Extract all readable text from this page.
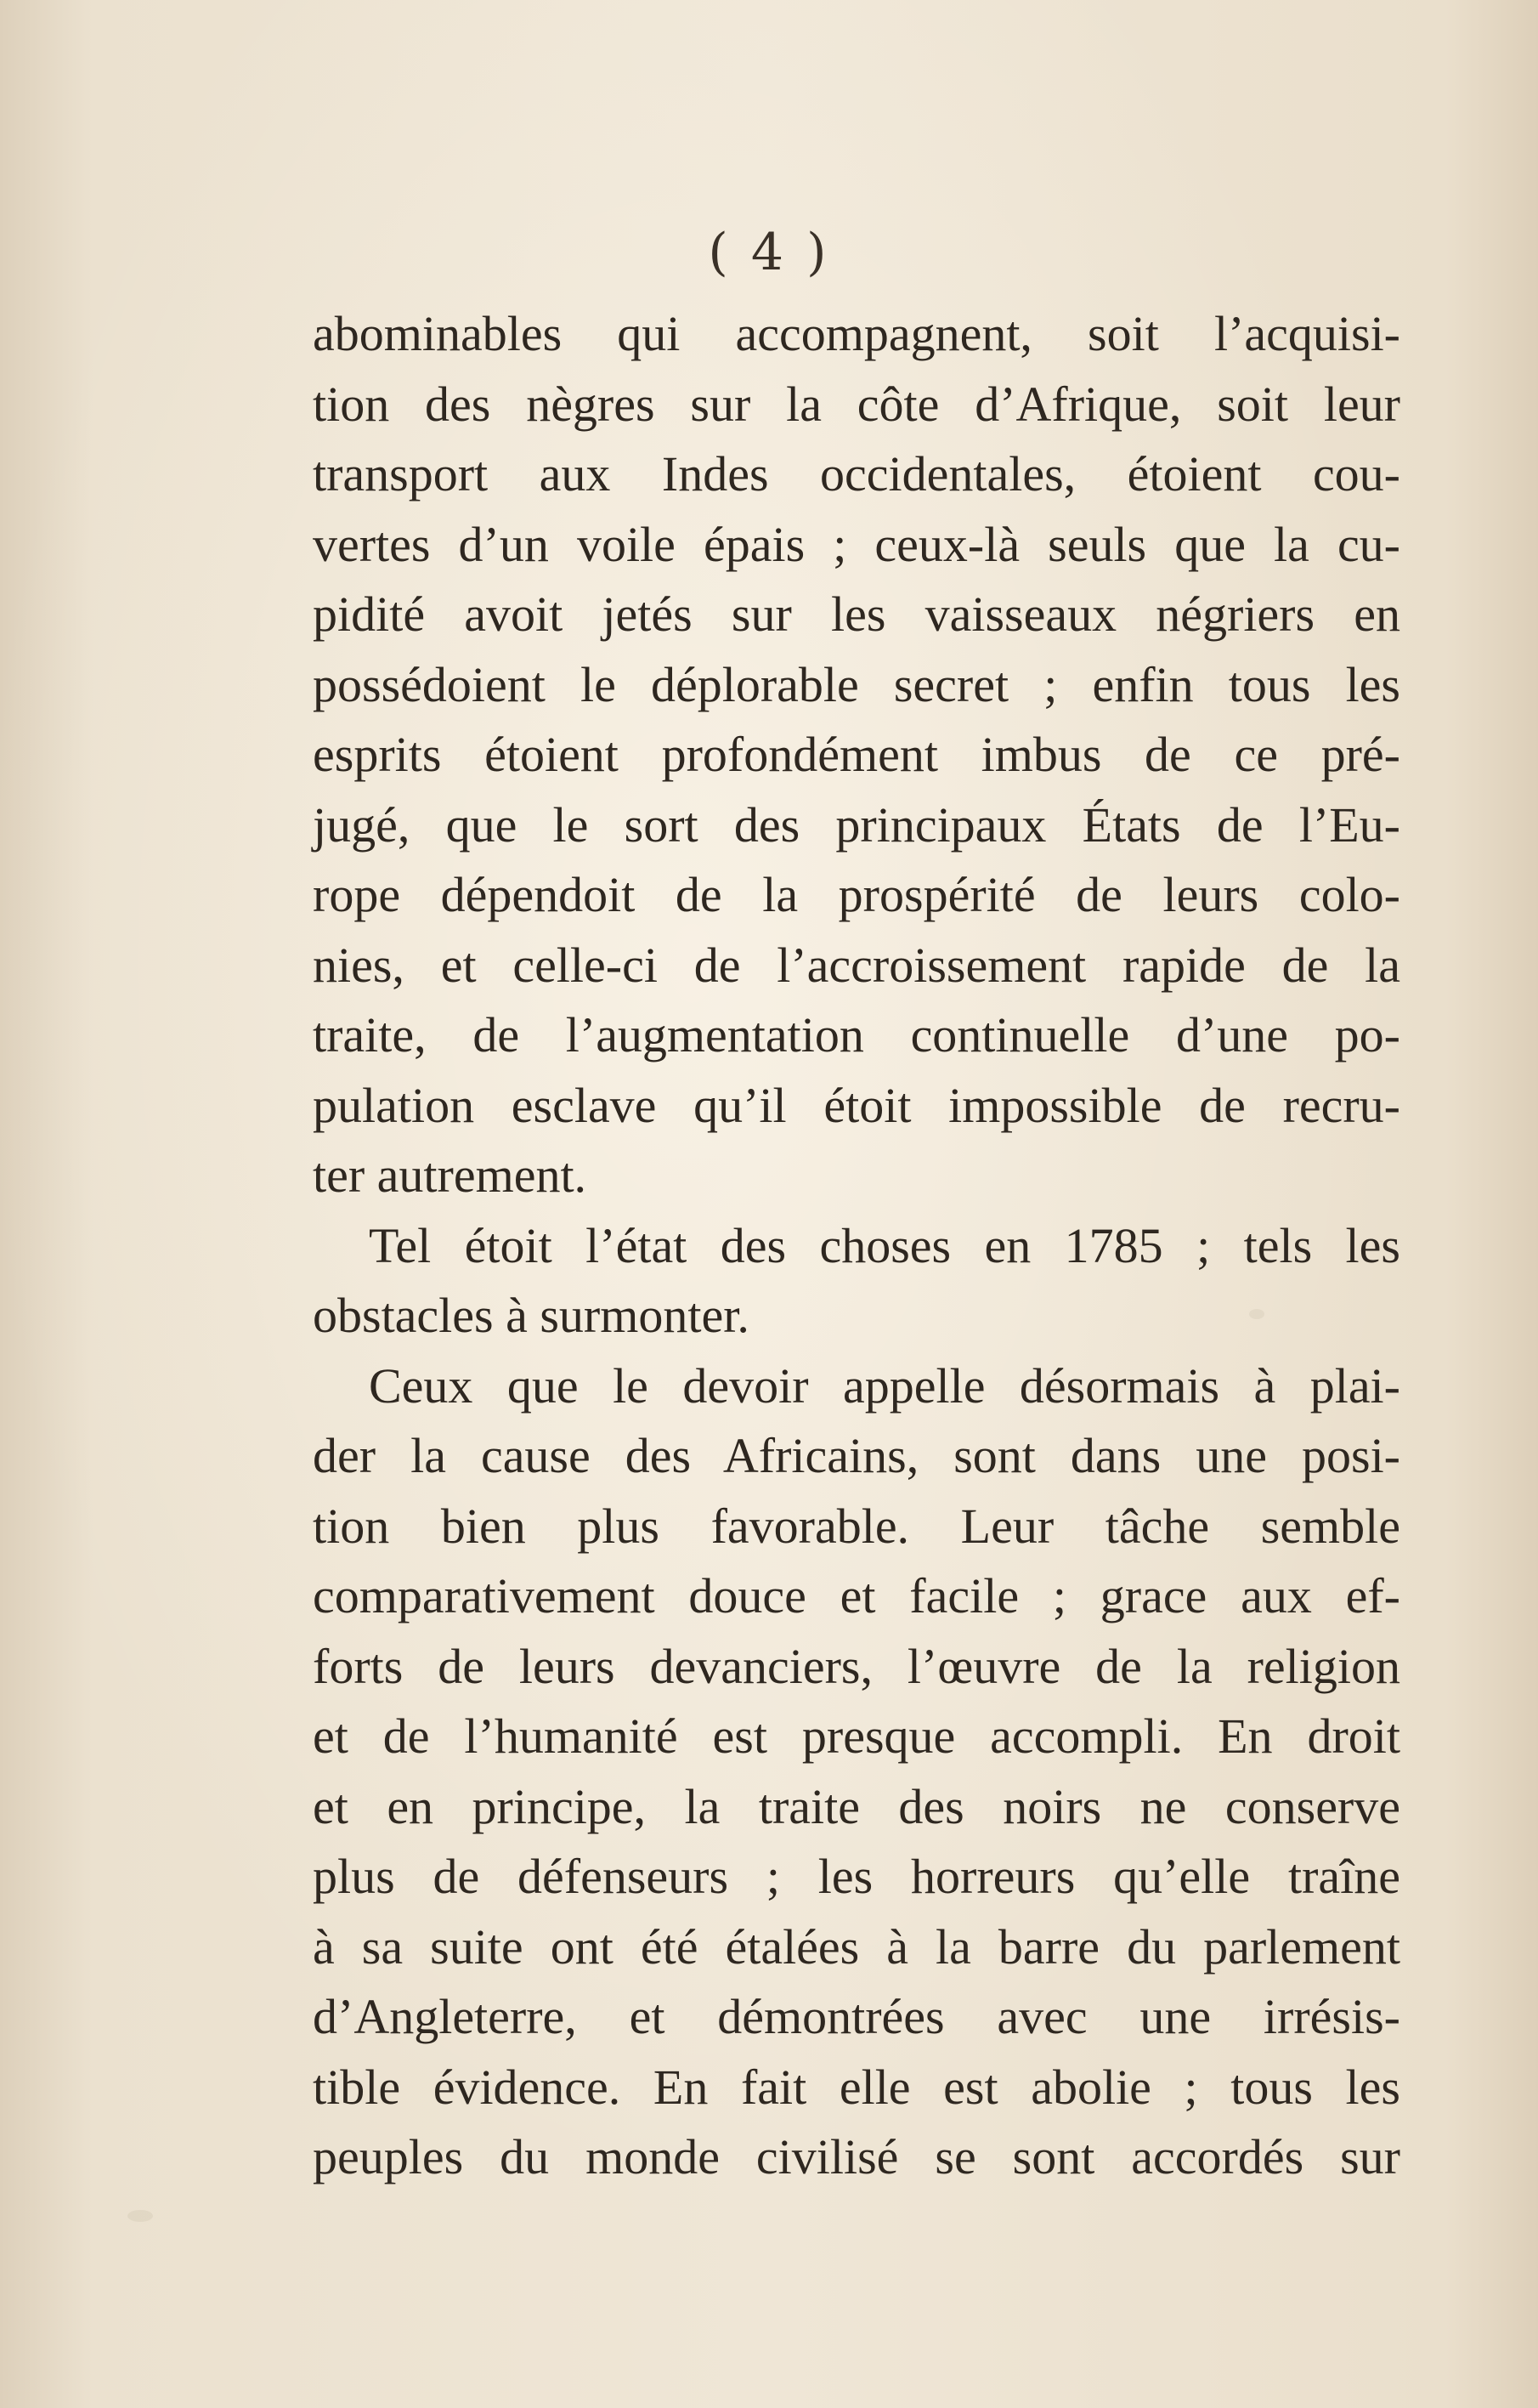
( 4 )
abominables qui accompagnent, soit l’acquisi-
tion des nègres sur la côte d’Afrique, soit leur
transport aux Indes occidentales, étoient cou-
vertes d’un voile épais ; ceux-là seuls que la cu-
pidité avoit jetés sur les vaisseaux négriers en
possédoient le déplorable secret ; enfin tous les
esprits étoient profondément imbus de ce pré-
jugé, que le sort des principaux États de l’Eu-
rope dépendoit de la prospérité de leurs colo-
nies, et celle-ci de l’accroissement rapide de la
traite, de l’augmentation continuelle d’une po-
pulation esclave qu’il étoit impossible de recru-
ter autrement.
Tel étoit l’état des choses en 1785 ; tels les
obstacles à surmonter.
Ceux que le devoir appelle désormais à plai-
der la cause des Africains, sont dans une posi-
tion bien plus favorable. Leur tâche semble
comparativement douce et facile ; grace aux ef-
forts de leurs devanciers, l’œuvre de la religion
et de l’humanité est presque accompli. En droit
et en principe, la traite des noirs ne conserve
plus de défenseurs ; les horreurs qu’elle traîne
à sa suite ont été étalées à la barre du parlement
d’Angleterre, et démontrées avec une irrésis-
tible évidence. En fait elle est abolie ; tous les
peuples du monde civilisé se sont accordés sur
